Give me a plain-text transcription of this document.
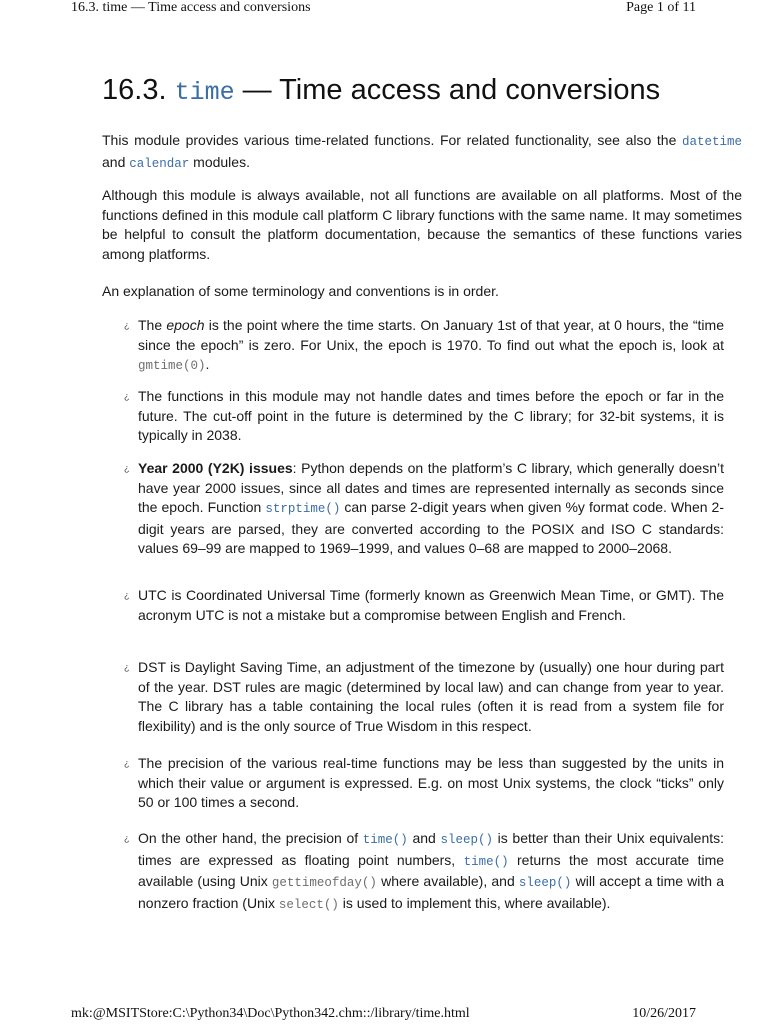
16.3. time — Time access and conversions	Page 1 of 11
16.3. time — Time access and conversions

This module provides various time-related functions. For related functionality, see also the datetime and calendar modules.

Although this module is always available, not all functions are available on all platforms. Most of the functions defined in this module call platform C library functions with the same name. It may sometimes be helpful to consult the platform documentation, because the semantics of these functions varies among platforms.

An explanation of some terminology and conventions is in order.

¿ The epoch is the point where the time starts. On January 1st of that year, at 0 hours, the “time since the epoch” is zero. For Unix, the epoch is 1970. To find out what the epoch is, look at gmtime(0).

¿ The functions in this module may not handle dates and times before the epoch or far in the future. The cut-off point in the future is determined by the C library; for 32-bit systems, it is typically in 2038.

¿ Year 2000 (Y2K) issues: Python depends on the platform’s C library, which generally doesn’t have year 2000 issues, since all dates and times are represented internally as seconds since the epoch. Function strptime() can parse 2-digit years when given %y format code. When 2-digit years are parsed, they are converted according to the POSIX and ISO C standards: values 69–99 are mapped to 1969–1999, and values 0–68 are mapped to 2000–2068.

¿ UTC is Coordinated Universal Time (formerly known as Greenwich Mean Time, or GMT). The acronym UTC is not a mistake but a compromise between English and French.

¿ DST is Daylight Saving Time, an adjustment of the timezone by (usually) one hour during part of the year. DST rules are magic (determined by local law) and can change from year to year. The C library has a table containing the local rules (often it is read from a system file for flexibility) and is the only source of True Wisdom in this respect.

¿ The precision of the various real-time functions may be less than suggested by the units in which their value or argument is expressed. E.g. on most Unix systems, the clock “ticks” only 50 or 100 times a second.

¿ On the other hand, the precision of time() and sleep() is better than their Unix equivalents: times are expressed as floating point numbers, time() returns the most accurate time available (using Unix gettimeofday() where available), and sleep() will accept a time with a nonzero fraction (Unix select() is used to implement this, where available).

mk:@MSITStore:C:\Python34\Doc\Python342.chm::/library/time.html	10/26/2017
